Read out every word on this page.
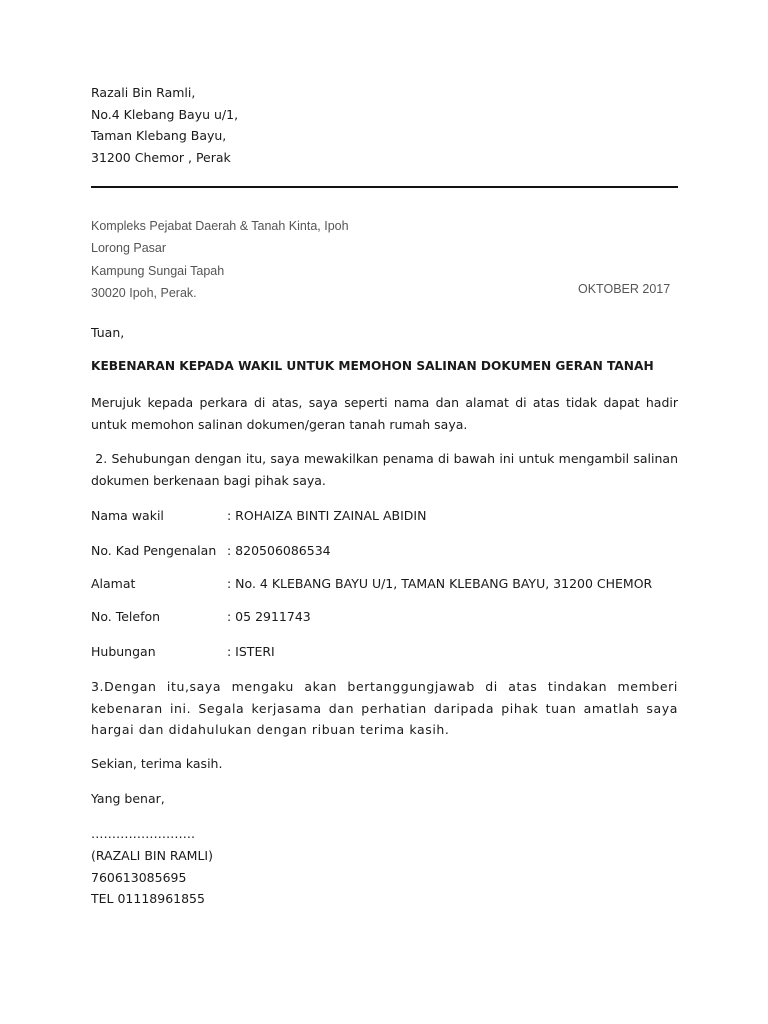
Razali Bin Ramli,
No.4 Klebang Bayu u/1,
Taman Klebang Bayu,
31200 Chemor , Perak
Kompleks Pejabat Daerah & Tanah Kinta, Ipoh
Lorong Pasar
Kampung Sungai Tapah
30020 Ipoh, Perak.	OKTOBER 2017
Tuan,
KEBENARAN KEPADA WAKIL UNTUK MEMOHON SALINAN DOKUMEN GERAN TANAH
Merujuk kepada perkara di atas, saya seperti nama dan alamat di atas tidak dapat hadir untuk memohon salinan dokumen/geran tanah rumah saya.
2. Sehubungan dengan itu, saya mewakilkan penama di bawah ini untuk mengambil salinan dokumen berkenaan bagi pihak saya.
Nama wakil	: ROHAIZA BINTI ZAINAL ABIDIN
No. Kad Pengenalan : 820506086534
Alamat	: No. 4 KLEBANG BAYU U/1, TAMAN KLEBANG BAYU, 31200 CHEMOR
No. Telefon	: 05 2911743
Hubungan	: ISTERI
3.Dengan itu,saya mengaku akan bertanggungjawab di atas tindakan memberi kebenaran ini. Segala kerjasama dan perhatian daripada pihak tuan amatlah saya hargai dan didahulukan dengan ribuan terima kasih.
Sekian, terima kasih.
Yang benar,
…………………….
(RAZALI BIN RAMLI)
760613085695
TEL 01118961855
